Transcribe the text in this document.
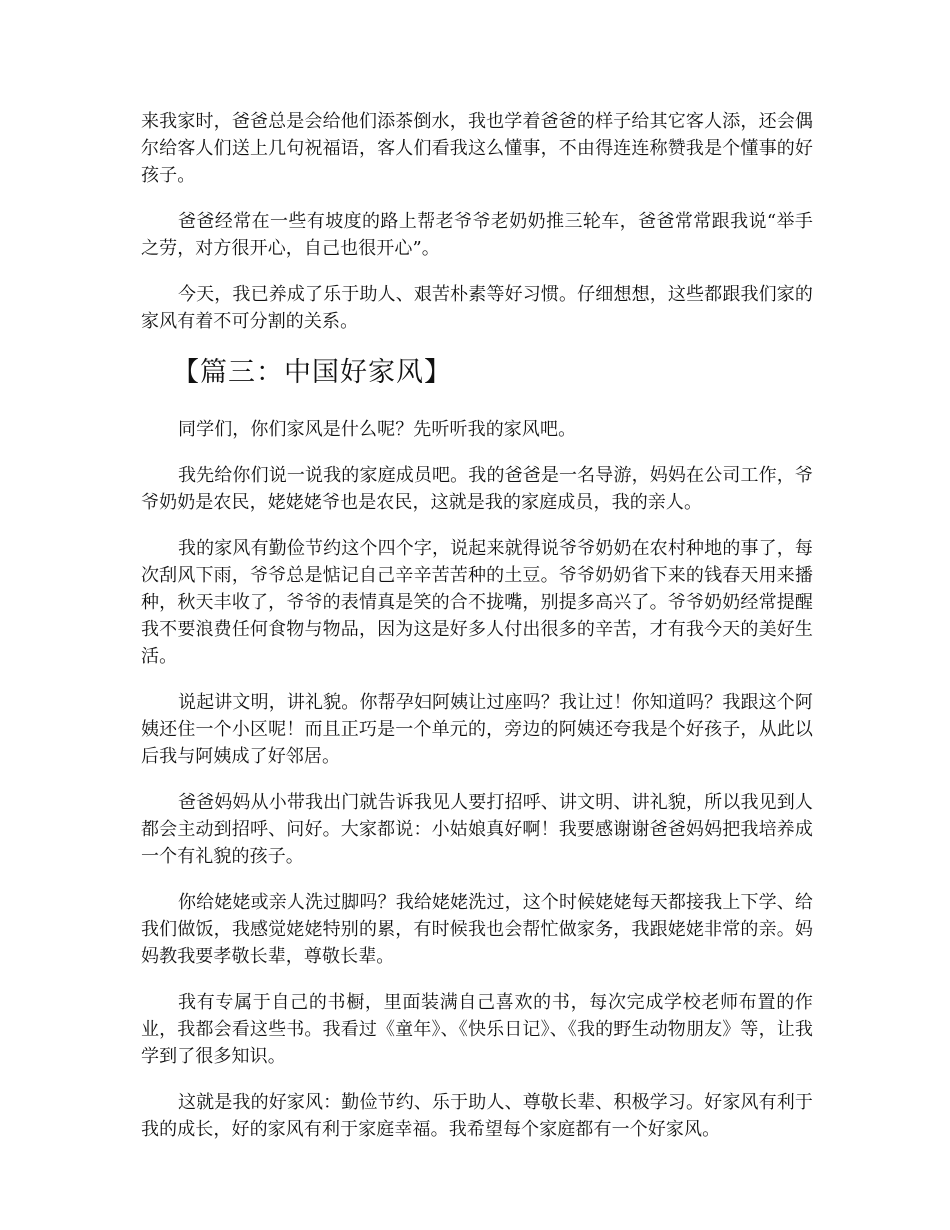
来我家时，爸爸总是会给他们添茶倒水，我也学着爸爸的样子给其它客人添，还会偶尔给客人们送上几句祝福语，客人们看我这么懂事，不由得连连称赞我是个懂事的好孩子。

爸爸经常在一些有坡度的路上帮老爷爷老奶奶推三轮车，爸爸常常跟我说“举手之劳，对方很开心，自己也很开心”。

今天，我已养成了乐于助人、艰苦朴素等好习惯。仔细想想，这些都跟我们家的家风有着不可分割的关系。

【篇三：中国好家风】

同学们，你们家风是什么呢？先听听我的家风吧。

我先给你们说一说我的家庭成员吧。我的爸爸是一名导游，妈妈在公司工作，爷爷奶奶是农民，姥姥姥爷也是农民，这就是我的家庭成员，我的亲人。

我的家风有勤俭节约这个四个字，说起来就得说爷爷奶奶在农村种地的事了，每次刮风下雨，爷爷总是惦记自己辛辛苦苦种的土豆。爷爷奶奶省下来的钱春天用来播种，秋天丰收了，爷爷的表情真是笑的合不拢嘴，别提多高兴了。爷爷奶奶经常提醒我不要浪费任何食物与物品，因为这是好多人付出很多的辛苦，才有我今天的美好生活。

说起讲文明，讲礼貌。你帮孕妇阿姨让过座吗？我让过！你知道吗？我跟这个阿姨还住一个小区呢！而且正巧是一个单元的，旁边的阿姨还夸我是个好孩子，从此以后我与阿姨成了好邻居。

爸爸妈妈从小带我出门就告诉我见人要打招呼、讲文明、讲礼貌，所以我见到人都会主动到招呼、问好。大家都说：小姑娘真好啊！我要感谢谢爸爸妈妈把我培养成一个有礼貌的孩子。

你给姥姥或亲人洗过脚吗？我给姥姥洗过，这个时候姥姥每天都接我上下学、给我们做饭，我感觉姥姥特别的累，有时候我也会帮忙做家务，我跟姥姥非常的亲。妈妈教我要孝敬长辈，尊敬长辈。

我有专属于自己的书橱，里面装满自己喜欢的书，每次完成学校老师布置的作业，我都会看这些书。我看过《童年》、《快乐日记》、《我的野生动物朋友》等，让我学到了很多知识。

这就是我的好家风：勤俭节约、乐于助人、尊敬长辈、积极学习。好家风有利于我的成长，好的家风有利于家庭幸福。我希望每个家庭都有一个好家风。
